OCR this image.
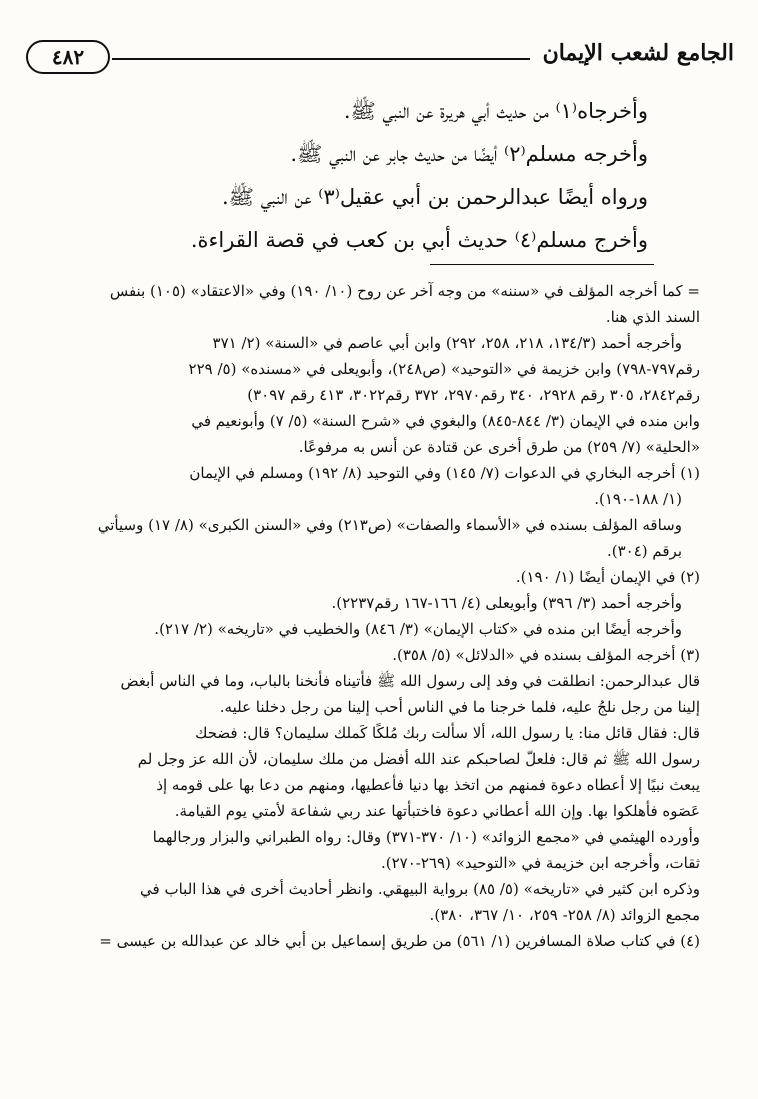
٤٨٢	الجامع لشعب الإيمان
وأخرجاه⁽١⁾ من حديث أبي هريرة عن النبي ﷺ.
وأخرجه مسلم⁽٢⁾ أيضًا من حديث جابر عن النبي ﷺ.
ورواه أيضًا عبدالرحمن بن أبي عقيل⁽٣⁾ عن النبي ﷺ.
وأخرج مسلم⁽٤⁾ حديث أبي بن كعب في قصة القراءة.
= كما أخرجه المؤلف في «سننه» من وجه آخر عن روح (١٠/ ١٩٠) وفي «الاعتقاد» (١٠٥) بنفس
السند الذي هنا.
وأخرجه أحمد (١٣٤/٣، ٢١٨، ٢٥٨، ٢٩٢) وابن أبي عاصم في «السنة» (٢/ ٣٧١
رقم٧٩٧-٧٩٨) وابن خزيمة في «التوحيد» (ص٢٤٨)، وأبويعلى في «مسنده» (٥/ ٢٢٩
رقم٢٨٤٢، ٣٠٥ رقم ٢٩٢٨، ٣٤٠ رقم٢٩٧٠، ٣٧٢ رقم٣٠٢٢، ٤١٣ رقم ٣٠٩٧)
وابن منده في الإيمان (٣/ ٨٤٤-٨٤٥) والبغوي في «شرح السنة» (٥/ ٧) وأبونعيم في
«الحلية» (٧/ ٢٥٩) من طرق أخرى عن قتادة عن أنس به مرفوعًا.
(١) أخرجه البخاري في الدعوات (٧/ ١٤٥) وفي التوحيد (٨/ ١٩٢) ومسلم في الإيمان
(١/ ١٨٨-١٩٠).
وساقه المؤلف بسنده في «الأسماء والصفات» (ص٢١٣) وفي «السنن الكبرى» (٨/ ١٧) وسيأتي
برقم (٣٠٤).
(٢) في الإيمان أيضًا (١/ ١٩٠).
وأخرجه أحمد (٣/ ٣٩٦) وأبويعلى (٤/ ١٦٦-١٦٧ رقم٢٢٣٧).
وأخرجه أيضًا ابن منده في «كتاب الإيمان» (٣/ ٨٤٦) والخطيب في «تاريخه» (٢/ ٢١٧).
(٣) أخرجه المؤلف بسنده في «الدلائل» (٥/ ٣٥٨).
قال عبدالرحمن: انطلقت في وفد إلى رسول الله ﷺ فأتيناه فأنخنا بالباب، وما في الناس أبغض
إلينا من رجل نلجُ عليه، فلما خرجنا ما في الناس أحب إلينا من رجل دخلنا عليه.
قال: فقال قائل منا: يا رسول الله، ألا سألت ربك مُلكًا كَملك سليمان؟ قال: فضحك
رسول الله ﷺ ثم قال: فلعلّ لصاحبكم عند الله أفضل من ملك سليمان، لأن الله عز وجل لم
يبعث نبيًا إلا أعطاه دعوة فمنهم من اتخذ بها دنيا فأعطيها، ومنهم من دعا بها على قومه إذ
عَصَوه فأهلكوا بها. وإن الله أعطاني دعوة فاختبأتها عند ربي شفاعة لأمتي يوم القيامة.
وأورده الهيثمي في «مجمع الزوائد» (١٠/ ٣٧٠-٣٧١) وقال: رواه الطبراني والبزار ورجالهما
ثقات، وأخرجه ابن خزيمة في «التوحيد» (٢٦٩-٢٧٠).
وذكره ابن كثير في «تاريخه» (٥/ ٨٥) برواية البيهقي. وانظر أحاديث أخرى في هذا الباب في
مجمع الزوائد (٨/ ٢٥٨- ٢٥٩، ١٠/ ٣٦٧، ٣٨٠).
(٤) في كتاب صلاة المسافرين (١/ ٥٦١) من طريق إسماعيل بن أبي خالد عن عبدالله بن عيسى =
